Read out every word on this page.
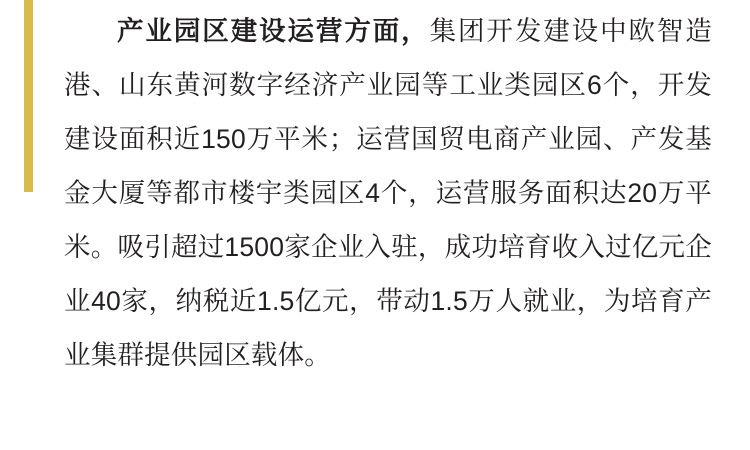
产业园区建设运营方面，集团开发建设中欧智造港、山东黄河数字经济产业园等工业类园区6个，开发建设面积近150万平米；运营国贸电商产业园、产发基金大厦等都市楼宇类园区4个，运营服务面积达20万平米。吸引超过1500家企业入驻，成功培育收入过亿元企业40家，纳税近1.5亿元，带动1.5万人就业，为培育产业集群提供园区载体。
